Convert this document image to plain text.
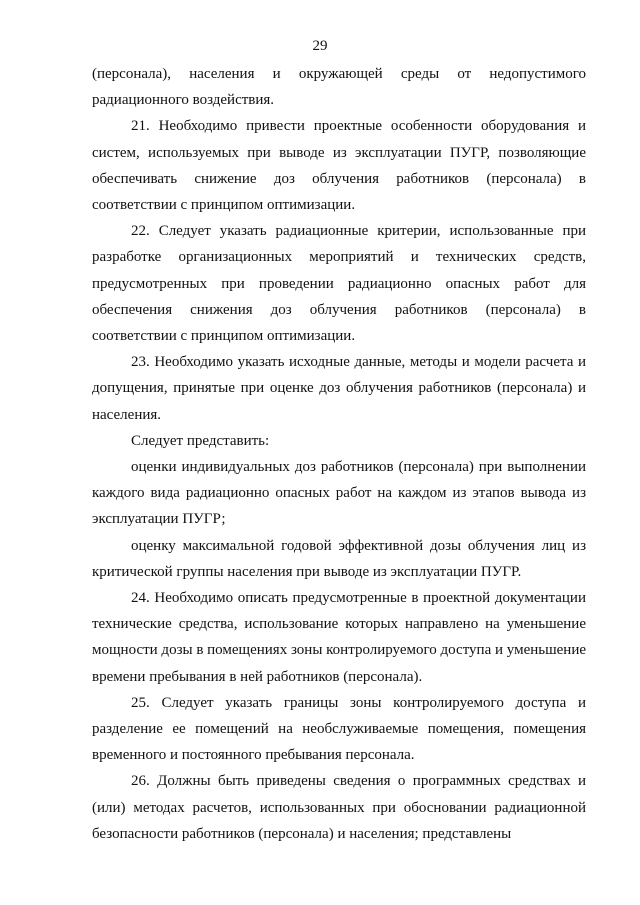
29

(персонала), населения и окружающей среды от недопустимого радиационного воздействия.

21. Необходимо привести проектные особенности оборудования и систем, используемых при выводе из эксплуатации ПУГР, позволяющие обеспечивать снижение доз облучения работников (персонала) в соответствии с принципом оптимизации.

22. Следует указать радиационные критерии, использованные при разработке организационных мероприятий и технических средств, предусмотренных при проведении радиационно опасных работ для обеспечения снижения доз облучения работников (персонала) в соответствии с принципом оптимизации.

23. Необходимо указать исходные данные, методы и модели расчета и допущения, принятые при оценке доз облучения работников (персонала) и населения.

Следует представить:

оценки индивидуальных доз работников (персонала) при выполнении каждого вида радиационно опасных работ на каждом из этапов вывода из эксплуатации ПУГР;

оценку максимальной годовой эффективной дозы облучения лиц из критической группы населения при выводе из эксплуатации ПУГР.

24. Необходимо описать предусмотренные в проектной документации технические средства, использование которых направлено на уменьшение мощности дозы в помещениях зоны контролируемого доступа и уменьшение времени пребывания в ней работников (персонала).

25. Следует указать границы зоны контролируемого доступа и разделение ее помещений на необслуживаемые помещения, помещения временного и постоянного пребывания персонала.

26. Должны быть приведены сведения о программных средствах и (или) методах расчетов, использованных при обосновании радиационной безопасности работников (персонала) и населения; представлены
